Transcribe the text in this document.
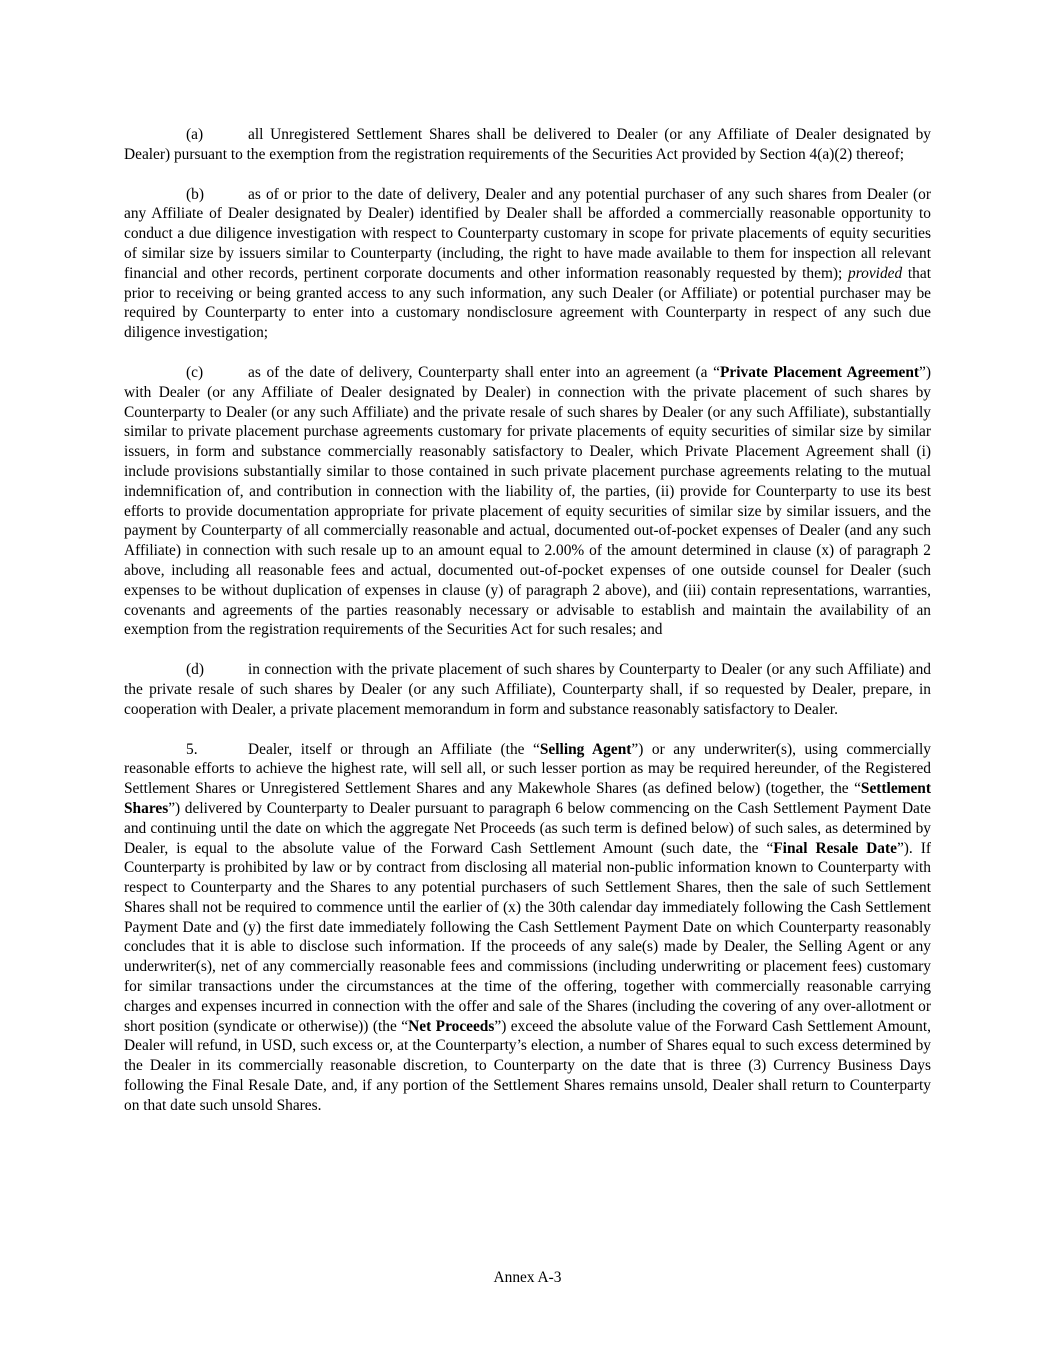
(a)	all Unregistered Settlement Shares shall be delivered to Dealer (or any Affiliate of Dealer designated by Dealer) pursuant to the exemption from the registration requirements of the Securities Act provided by Section 4(a)(2) thereof;

(b)	as of or prior to the date of delivery, Dealer and any potential purchaser of any such shares from Dealer (or any Affiliate of Dealer designated by Dealer) identified by Dealer shall be afforded a commercially reasonable opportunity to conduct a due diligence investigation with respect to Counterparty customary in scope for private placements of equity securities of similar size by issuers similar to Counterparty (including, the right to have made available to them for inspection all relevant financial and other records, pertinent corporate documents and other information reasonably requested by them); provided that prior to receiving or being granted access to any such information, any such Dealer (or Affiliate) or potential purchaser may be required by Counterparty to enter into a customary nondisclosure agreement with Counterparty in respect of any such due diligence investigation;

(c)	as of the date of delivery, Counterparty shall enter into an agreement (a “Private Placement Agreement”) with Dealer (or any Affiliate of Dealer designated by Dealer) in connection with the private placement of such shares by Counterparty to Dealer (or any such Affiliate) and the private resale of such shares by Dealer (or any such Affiliate), substantially similar to private placement purchase agreements customary for private placements of equity securities of similar size by similar issuers, in form and substance commercially reasonably satisfactory to Dealer, which Private Placement Agreement shall (i) include provisions substantially similar to those contained in such private placement purchase agreements relating to the mutual indemnification of, and contribution in connection with the liability of, the parties, (ii) provide for Counterparty to use its best efforts to provide documentation appropriate for private placement of equity securities of similar size by similar issuers, and the payment by Counterparty of all commercially reasonable and actual, documented out-of-pocket expenses of Dealer (and any such Affiliate) in connection with such resale up to an amount equal to 2.00% of the amount determined in clause (x) of paragraph 2 above, including all reasonable fees and actual, documented out-of-pocket expenses of one outside counsel for Dealer (such expenses to be without duplication of expenses in clause (y) of paragraph 2 above), and (iii) contain representations, warranties, covenants and agreements of the parties reasonably necessary or advisable to establish and maintain the availability of an exemption from the registration requirements of the Securities Act for such resales; and

(d)	in connection with the private placement of such shares by Counterparty to Dealer (or any such Affiliate) and the private resale of such shares by Dealer (or any such Affiliate), Counterparty shall, if so requested by Dealer, prepare, in cooperation with Dealer, a private placement memorandum in form and substance reasonably satisfactory to Dealer.

5.	Dealer, itself or through an Affiliate (the “Selling Agent”) or any underwriter(s), using commercially reasonable efforts to achieve the highest rate, will sell all, or such lesser portion as may be required hereunder, of the Registered Settlement Shares or Unregistered Settlement Shares and any Makewhole Shares (as defined below) (together, the “Settlement Shares”) delivered by Counterparty to Dealer pursuant to paragraph 6 below commencing on the Cash Settlement Payment Date and continuing until the date on which the aggregate Net Proceeds (as such term is defined below) of such sales, as determined by Dealer, is equal to the absolute value of the Forward Cash Settlement Amount (such date, the “Final Resale Date”). If Counterparty is prohibited by law or by contract from disclosing all material non-public information known to Counterparty with respect to Counterparty and the Shares to any potential purchasers of such Settlement Shares, then the sale of such Settlement Shares shall not be required to commence until the earlier of (x) the 30th calendar day immediately following the Cash Settlement Payment Date and (y) the first date immediately following the Cash Settlement Payment Date on which Counterparty reasonably concludes that it is able to disclose such information. If the proceeds of any sale(s) made by Dealer, the Selling Agent or any underwriter(s), net of any commercially reasonable fees and commissions (including underwriting or placement fees) customary for similar transactions under the circumstances at the time of the offering, together with commercially reasonable carrying charges and expenses incurred in connection with the offer and sale of the Shares (including the covering of any over-allotment or short position (syndicate or otherwise)) (the “Net Proceeds”) exceed the absolute value of the Forward Cash Settlement Amount, Dealer will refund, in USD, such excess or, at the Counterparty’s election, a number of Shares equal to such excess determined by the Dealer in its commercially reasonable discretion, to Counterparty on the date that is three (3) Currency Business Days following the Final Resale Date, and, if any portion of the Settlement Shares remains unsold, Dealer shall return to Counterparty on that date such unsold Shares.

Annex A-3
